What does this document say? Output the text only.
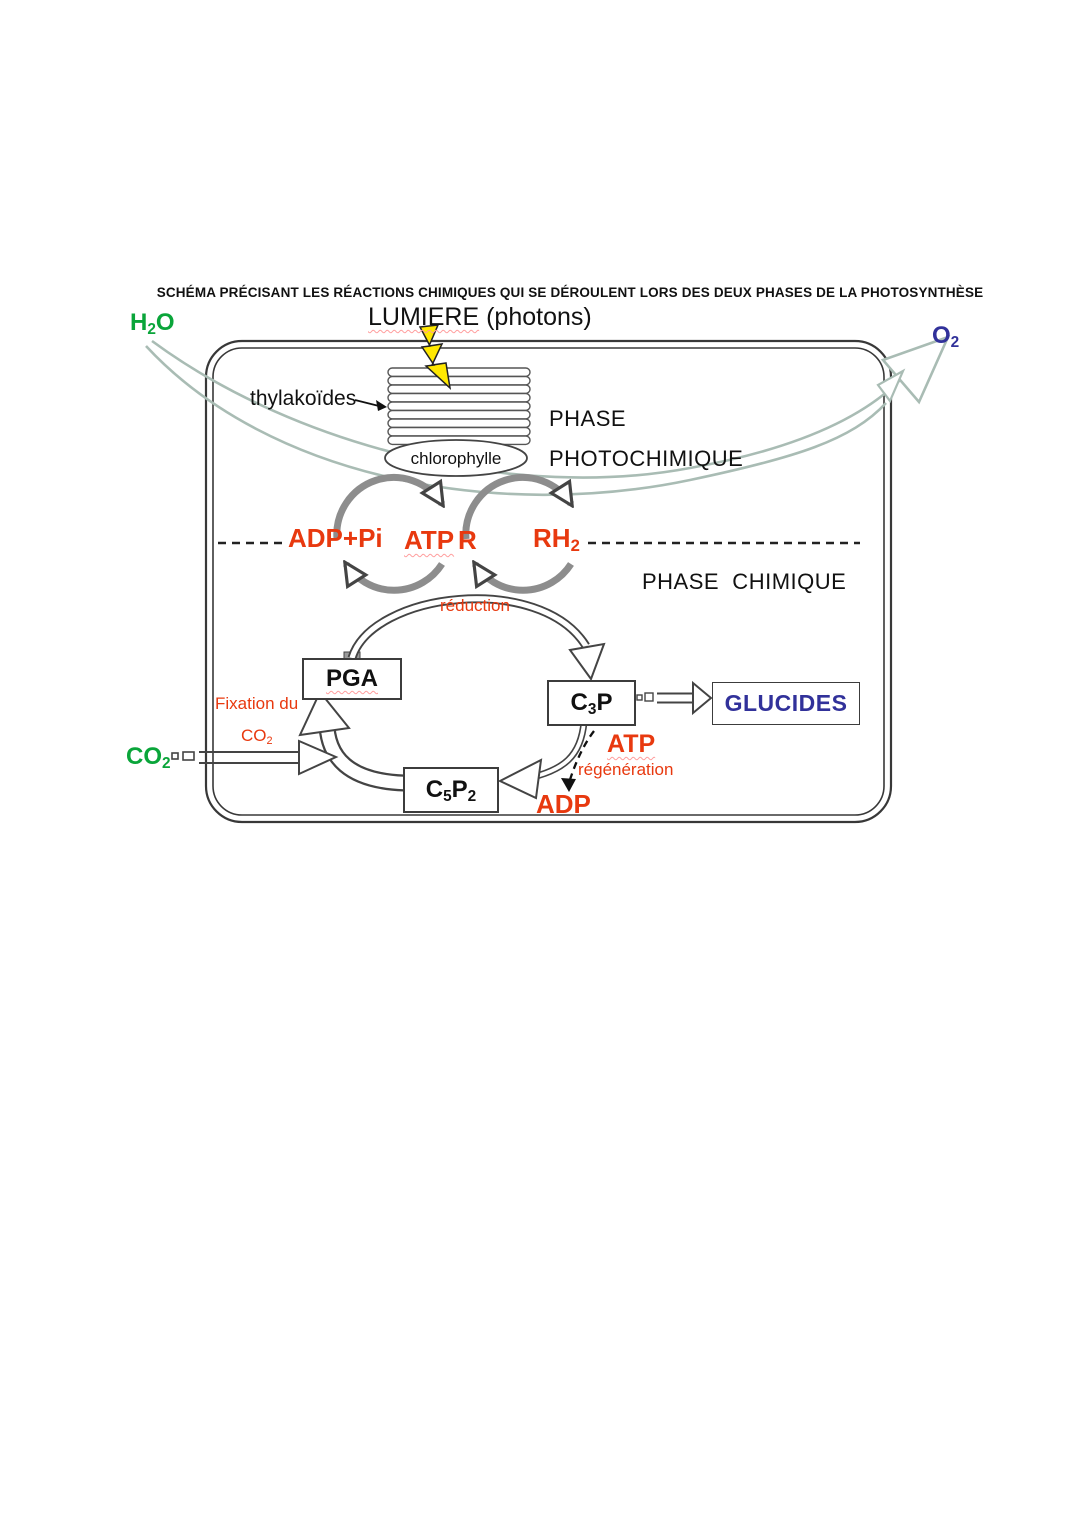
SCHÉMA PRÉCISANT LES RÉACTIONS CHIMIQUES QUI SE DÉROULENT LORS DES DEUX PHASES DE LA PHOTOSYNTHÈSE
LUMIERE (photons)
H2O	O2
thylakoïdes
chlorophylle
PHASE
PHOTOCHIMIQUE
ADP+Pi ATP R RH2
PHASE  CHIMIQUE
réduction
PGA
C3P	GLUCIDES
C5P2
Fixation du
CO2
CO2
ATP
régénération
ADP
